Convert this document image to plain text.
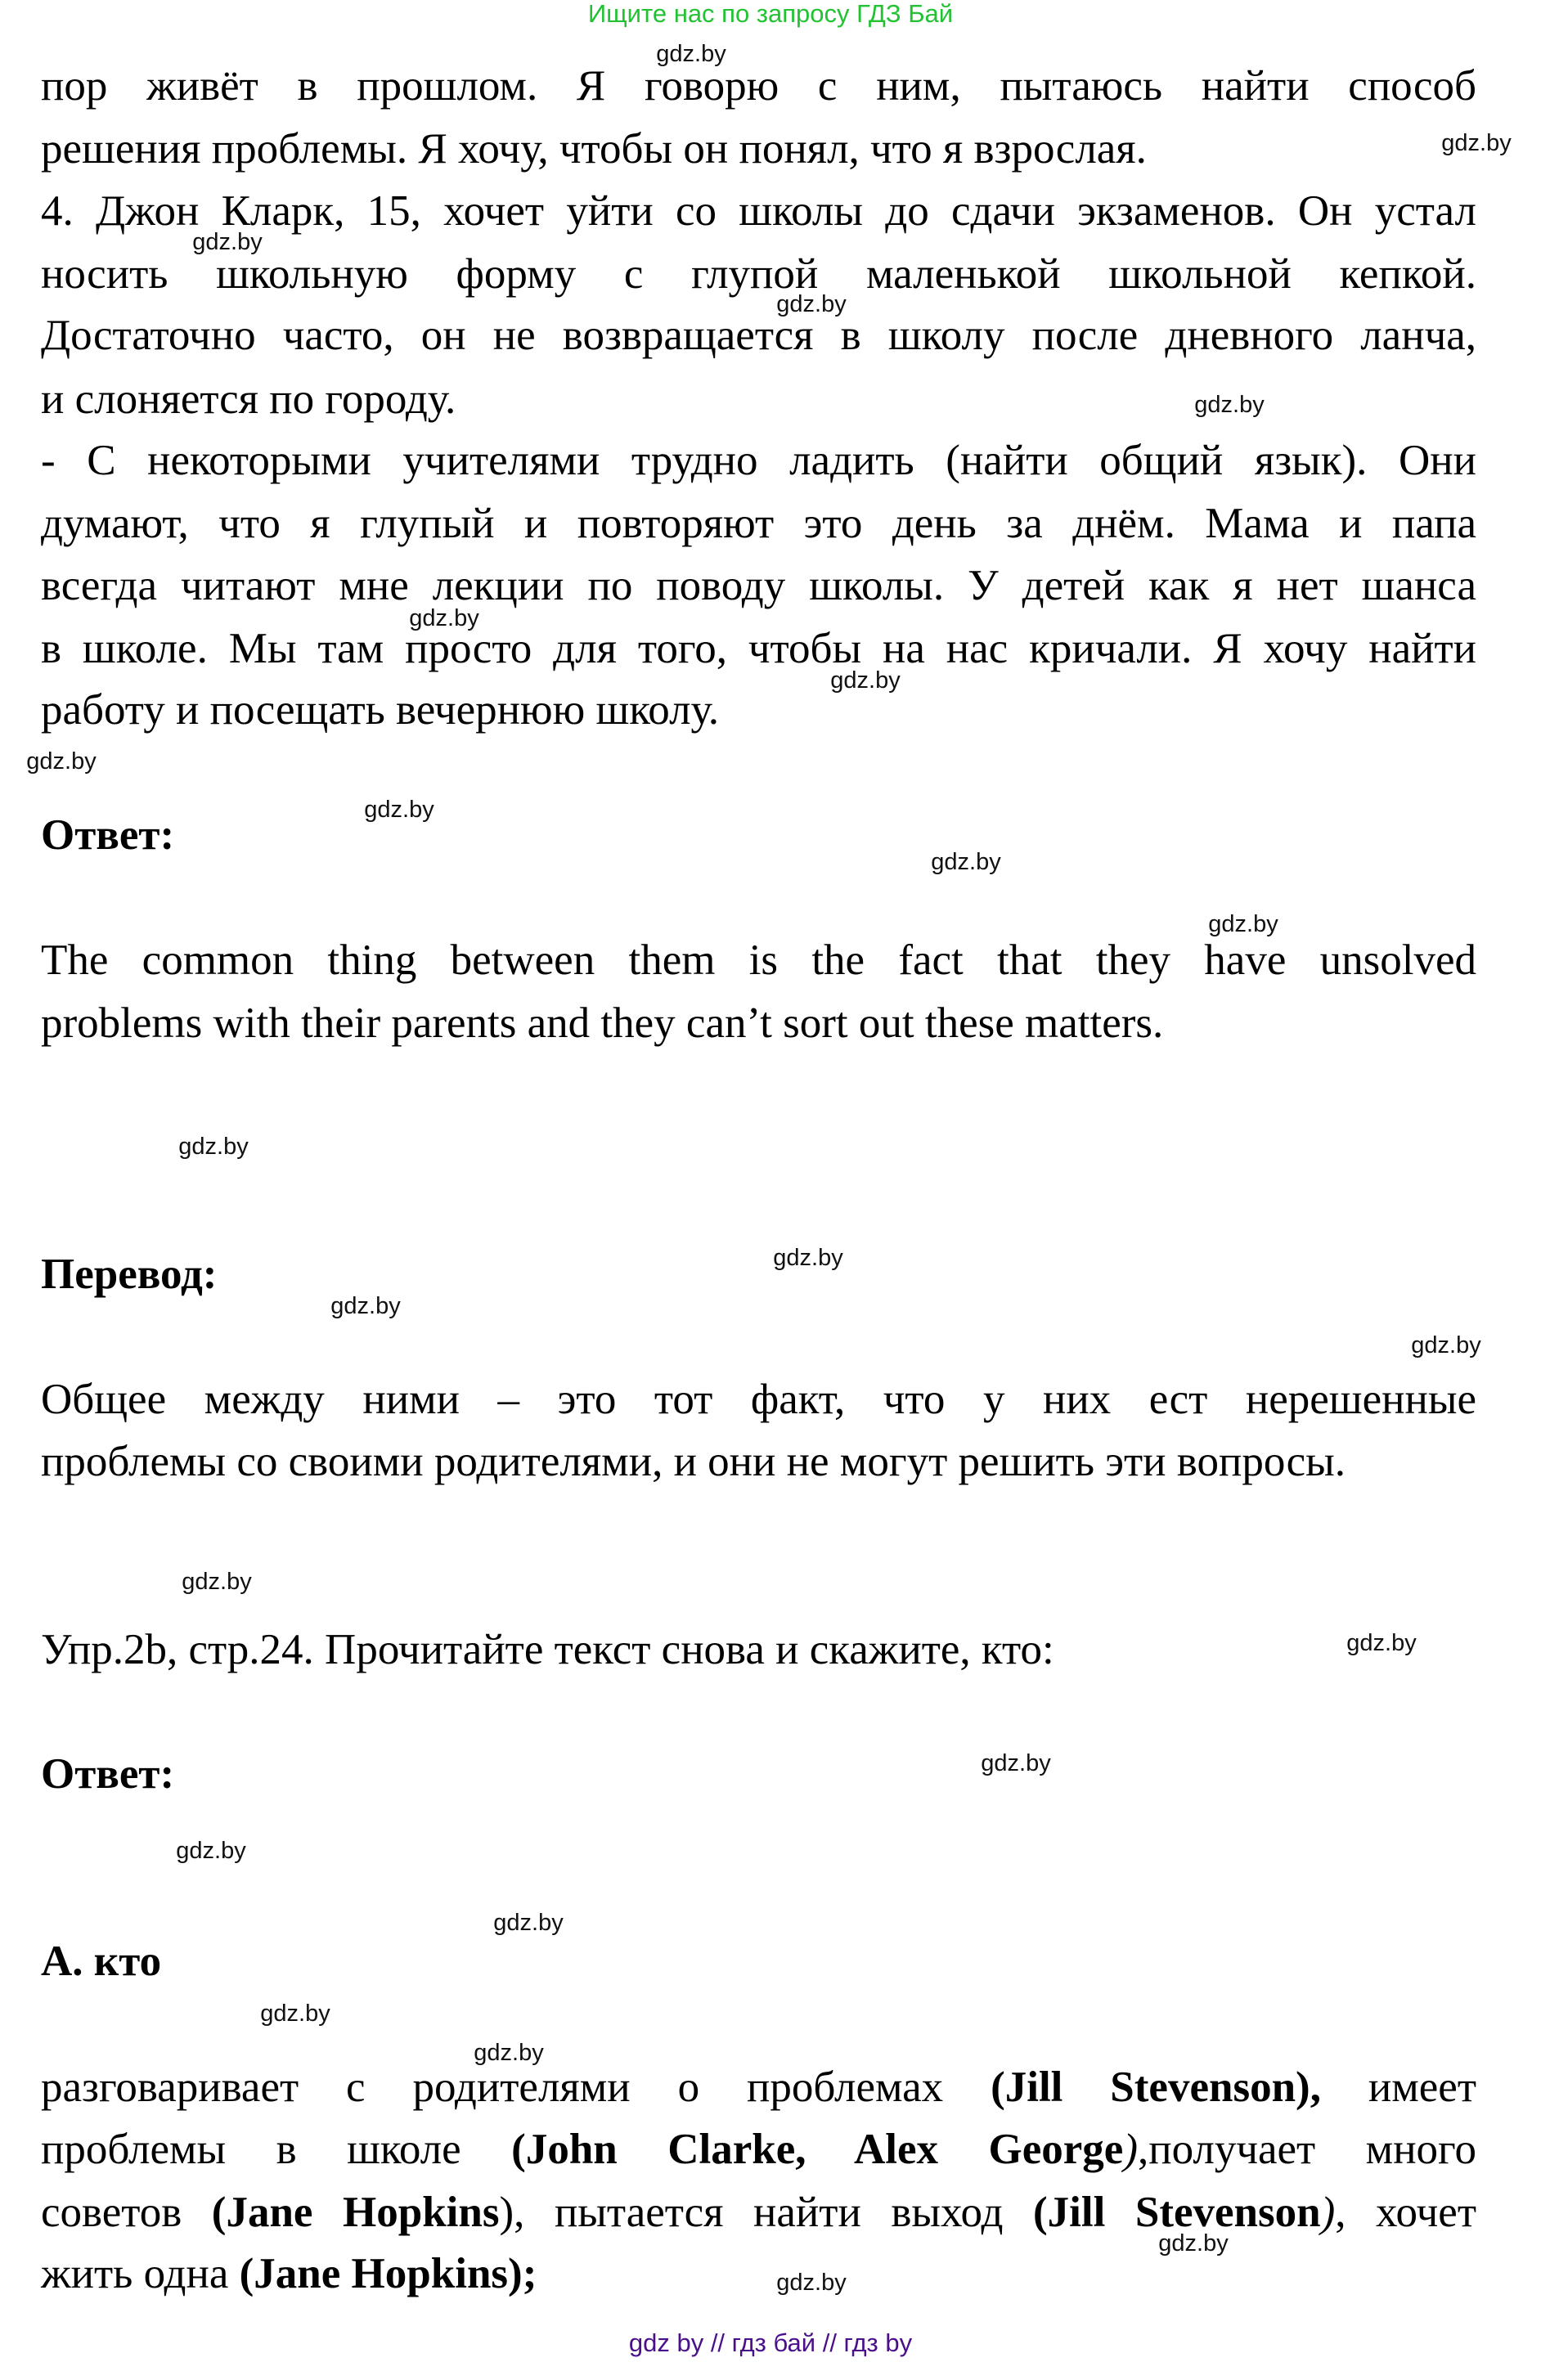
Ищите нас по запросу ГДЗ Бай
пор живёт в прошлом. Я говорю с ним, пытаюсь найти способ
решения проблемы. Я хочу, чтобы он понял, что я взрослая.
4. Джон Кларк, 15, хочет уйти со школы до сдачи экзаменов. Он устал
носить школьную форму с глупой маленькой школьной кепкой.
Достаточно часто, он не возвращается в школу после дневного ланча,
и слоняется по городу.
- С некоторыми учителями трудно ладить (найти общий язык). Они
думают, что я глупый и повторяют это день за днём. Мама и папа
всегда читают мне лекции по поводу школы. У детей как я нет шанса
в школе. Мы там просто для того, чтобы на нас кричали. Я хочу найти
работу и посещать вечернюю школу.
Ответ:
The common thing between them is the fact that they have unsolved
problems with their parents and they can’t sort out these matters.
Перевод:
Общее между ними – это тот факт, что у них ест нерешенные
проблемы со своими родителями, и они не могут решить эти вопросы.
Упр.2b, стр.24. Прочитайте текст снова и скажите, кто:
Ответ:
А. кто
разговаривает с родителями о проблемах (Jill Stevenson), имеет
проблемы в школе (John Clarke, Alex George),получает много
советов (Jane Hopkins), пытается найти выход (Jill Stevenson), хочет
жить одна (Jane Hopkins);
gdz.by
gdz.by
gdz.by
gdz.by
gdz.by
gdz.by
gdz.by
gdz.by
gdz.by
gdz.by
gdz.by
gdz.by
gdz.by
gdz.by
gdz.by
gdz.by
gdz.by
gdz.by
gdz.by
gdz.by
gdz.by
gdz.by
gdz.by
gdz.by
gdz by // гдз бай // гдз by
